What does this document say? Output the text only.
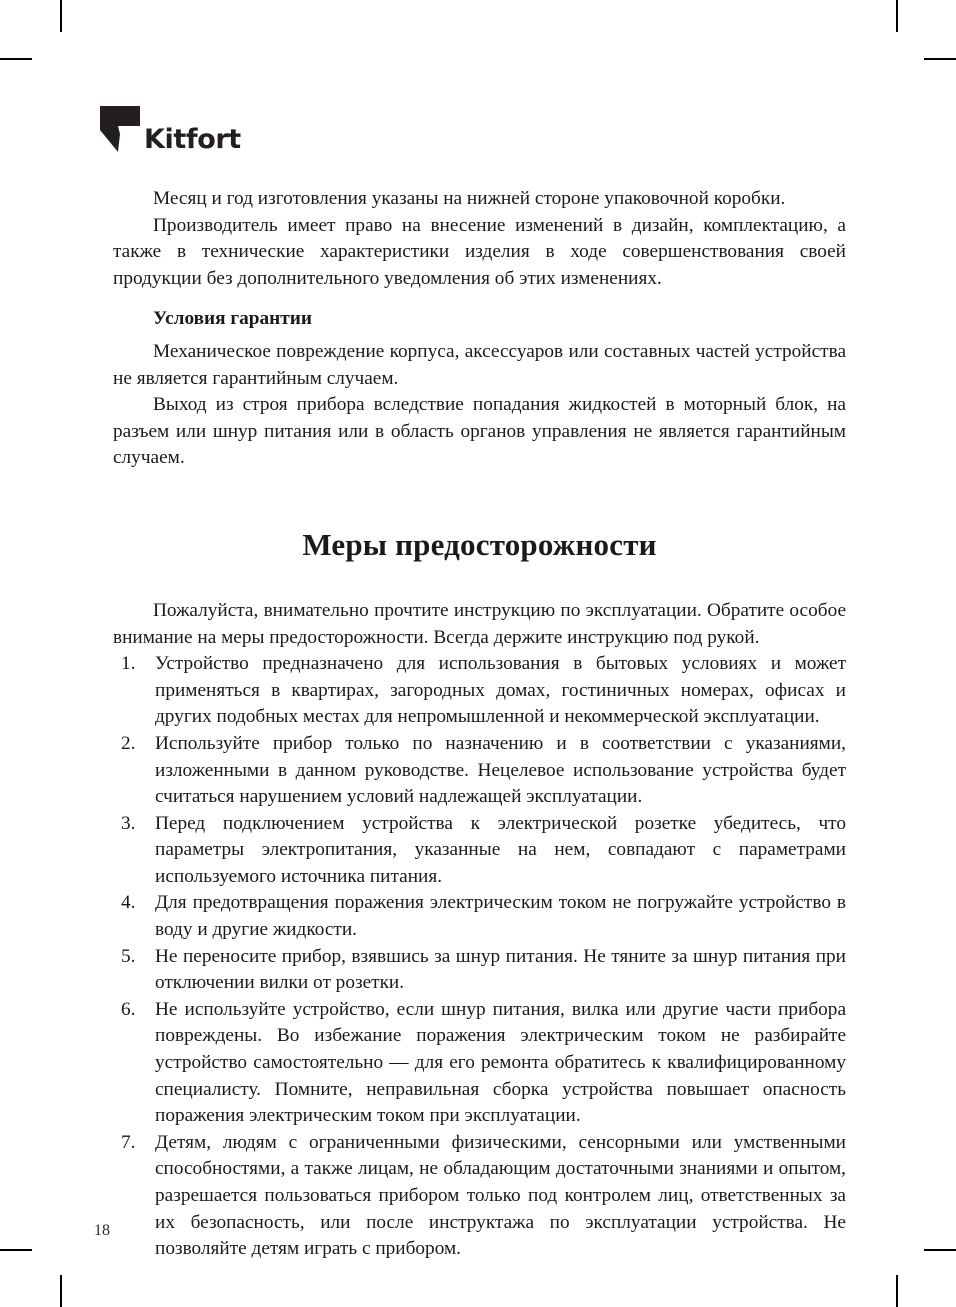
Kitfort

Месяц и год изготовления указаны на нижней стороне упаковочной коробки.

Производитель имеет право на внесение изменений в дизайн, комплектацию, а также в технические характеристики изделия в ходе совершенствования своей продукции без дополнительного уведомления об этих изменениях.

Условия гарантии

Механическое повреждение корпуса, аксессуаров или составных частей устройства не является гарантийным случаем.

Выход из строя прибора вследствие попадания жидкостей в моторный блок, на разъем или шнур питания или в область органов управления не является гарантийным случаем.

Меры предосторожности

Пожалуйста, внимательно прочтите инструкцию по эксплуатации. Обратите особое внимание на меры предосторожности. Всегда держите инструкцию под рукой.

1.	Устройство предназначено для использования в бытовых условиях и может применяться в квартирах, загородных домах, гостиничных номерах, офисах и других подобных местах для непромышленной и некоммерческой эксплуатации.
2.	Используйте прибор только по назначению и в соответствии с указаниями, изложенными в данном руководстве. Нецелевое использование устройства будет считаться нарушением условий надлежащей эксплуатации.
3.	Перед подключением устройства к электрической розетке убедитесь, что параметры электропитания, указанные на нем, совпадают с параметрами используемого источника питания.
4.	Для предотвращения поражения электрическим током не погружайте устройство в воду и другие жидкости.
5.	Не переносите прибор, взявшись за шнур питания. Не тяните за шнур питания при отключении вилки от розетки.
6.	Не используйте устройство, если шнур питания, вилка или другие части прибора повреждены. Во избежание поражения электрическим током не разбирайте устройство самостоятельно — для его ремонта обратитесь к квалифицированному специалисту. Помните, неправильная сборка устройства повышает опасность поражения электрическим током при эксплуатации.
7.	Детям, людям с ограниченными физическими, сенсорными или умственными способностями, а также лицам, не обладающим достаточными знаниями и опытом, разрешается пользоваться прибором только под контролем лиц, ответственных за их безопасность, или после инструктажа по эксплуатации устройства. Не позволяйте детям играть с прибором.
18
